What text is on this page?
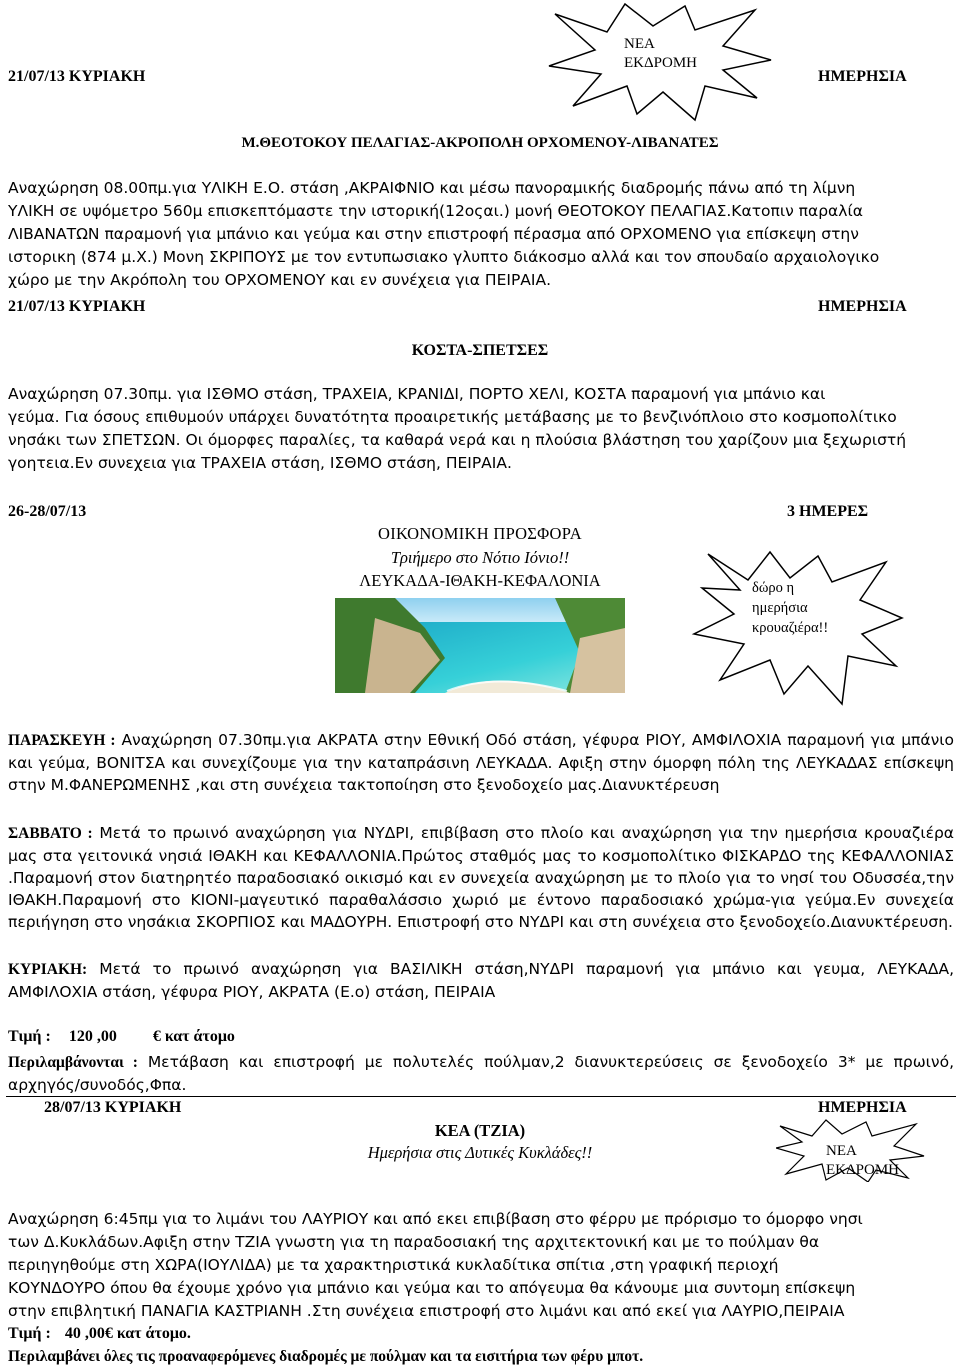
21/07/13 ΚΥΡΙΑΚΗ	ΗΜΕΡΗΣΙΑ
ΝΕΑ
ΕΚΔΡΟΜΗ
Μ.ΘΕΟΤΟΚΟΥ ΠΕΛΑΓΙΑΣ-ΑΚΡΟΠΟΛΗ ΟΡΧΟΜΕΝΟΥ-ΛΙΒΑΝΑΤΕΣ
Αναχώρηση 08.00πμ.για ΥΛΙΚΗ Ε.Ο. στάση ,ΑΚΡΑΙΦΝΙΟ και μέσω πανοραμικής διαδρομής πάνω από τη λίμνη
ΥΛΙΚΗ σε υψόμετρο 560μ επισκεπτόμαστε την ιστορική(12οςαι.) μονή ΘΕΟΤΟΚΟΥ ΠΕΛΑΓΙΑΣ.Κατοπιν παραλία
ΛΙΒΑΝΑΤΩΝ παραμονή για μπάνιο και γεύμα και στην επιστροφή πέρασμα από ΟΡΧΟΜΕΝΟ για επίσκεψη στην
ιστορικη (874 μ.Χ.) Μονη ΣΚΡΙΠΟΥΣ με τον εντυπωσιακο γλυπτο διάκοσμο αλλά και τον σπουδαίο αρχαιολογικο
χώρο με την Ακρόπολη του ΟΡΧΟΜΕΝΟΥ και εν συνέχεια για ΠΕΙΡΑΙΑ.
21/07/13 ΚΥΡΙΑΚΗ	ΗΜΕΡΗΣΙΑ
ΚΟΣΤΑ-ΣΠΕΤΣΕΣ
Αναχώρηση 07.30πμ. για ΙΣΘΜΟ στάση, ΤΡΑΧΕΙΑ, ΚΡΑΝΙΔΙ, ΠΟΡΤΟ ΧΕΛΙ, ΚΟΣΤΑ παραμονή για μπάνιο και
γεύμα. Για όσους επιθυμούν υπάρχει δυνατότητα προαιρετικής μετάβασης με το βενζινόπλοιο στο κοσμοπολίτικο
νησάκι των ΣΠΕΤΣΩΝ. Οι όμορφες παραλίες, τα καθαρά νερά και η πλούσια βλάστηση του χαρίζουν μια ξεχωριστή
γοητεια.Εν συνεχεια για ΤΡΑΧΕΙΑ στάση, ΙΣΘΜΟ στάση, ΠΕΙΡΑΙΑ.
26-28/07/13	3 ΗΜΕΡΕΣ
ΟΙΚΟΝΟΜΙΚΗ ΠΡΟΣΦΟΡΑ
Τριήμερο στο Νότιο Ιόνιο!!
ΛΕΥΚΑΔΑ-ΙΘΑΚΗ-ΚΕΦΑΛΟΝΙΑ	δώρο η
ημερήσια
κρουαζιέρα!!
ΠΑΡΑΣΚΕΥΗ : Αναχώρηση 07.30πμ.για ΑΚΡΑΤΑ στην Εθνική Οδό στάση, γέφυρα ΡΙΟΥ, ΑΜΦΙΛΟΧΙΑ παραμονή για μπάνιο και γεύμα, ΒΟΝΙΤΣΑ και συνεχίζουμε για την καταπράσινη ΛΕΥΚΑΔΑ. Αφιξη στην όμορφη πόλη της ΛΕΥΚΑΔΑΣ επίσκεψη στην Μ.ΦΑΝΕΡΩΜΕΝΗΣ ,και στη συνέχεια τακτοποίηση στο ξενοδοχείο μας.Διανυκτέρευση
ΣΑΒΒΑΤΟ : Μετά το πρωινό αναχώρηση για ΝΥΔΡΙ, επιβίβαση στο πλοίο και αναχώρηση για την ημερήσια κρουαζιέρα μας στα γειτονικά νησιά ΙΘΑΚΗ και ΚΕΦΑΛΛΟΝΙΑ.Πρώτος σταθμός μας το κοσμοπολίτικο ΦΙΣΚΑΡΔΟ της ΚΕΦΑΛΛΟΝΙΑΣ .Παραμονή στον διατηρητέο παραδοσιακό οικισμό και εν συνεχεία αναχώρηση με το πλοίο για το νησί του Οδυσσέα,την ΙΘΑΚΗ.Παραμονή στο ΚΙΟΝΙ-μαγευτικό παραθαλάσσιο χωριό με έντονο παραδοσιακό χρώμα-για γεύμα.Εν συνεχεία περιήγηση στο νησάκια ΣΚΟΡΠΙΟΣ και ΜΑΔΟΥΡΗ. Επιστροφή στο ΝΥΔΡΙ και στη συνέχεια στο ξενοδοχείο.Διανυκτέρευση.
ΚΥΡΙΑΚΗ: Μετά το πρωινό αναχώρηση για ΒΑΣΙΛΙΚΗ στάση,ΝΥΔΡΙ παραμονή για μπάνιο και γευμα, ΛΕΥΚΑΔΑ, ΑΜΦΙΛΟΧΙΑ στάση, γέφυρα ΡΙΟΥ, ΑΚΡΑΤΑ (Ε.ο) στάση, ΠΕΙΡΑΙΑ
Τιμή : 120 ,00 € κατ άτομο
Περιλαμβάνονται : Μετάβαση και επιστροφή με πολυτελές πούλμαν,2 διανυκτερεύσεις σε ξενοδοχείο 3* με πρωινό, αρχηγός/συνοδός,Φπα.
28/07/13 ΚΥΡΙΑΚΗ	ΗΜΕΡΗΣΙΑ
ΚΕΑ (ΤΖΙΑ)
Ημερήσια στις Δυτικές Κυκλάδες!!	ΝΕΑ
ΕΚΔΡΟΜΗ
Αναχώρηση 6:45πμ για το λιμάνι του ΛΑΥΡΙΟΥ και από εκει επιβίβαση στο φέρρυ με πρόρισμο το όμορφο νησι
των Δ.Κυκλάδων.Αφιξη στην ΤΖΙΑ γνωστη για τη παραδοσιακή της αρχιτεκτονική και με το πούλμαν θα
περιηγηθούμε στη ΧΩΡΑ(ΙΟΥΛΙΔΑ) με τα χαρακτηριστικά κυκλαδίτικα σπίτια ,στη γραφική περιοχή
ΚΟΥΝΔΟΥΡΟ όπου θα έχουμε χρόνο για μπάνιο και γεύμα και το απόγευμα θα κάνουμε μια συντομη επίσκεψη
στην επιβλητική ΠΑΝΑΓΙΑ ΚΑΣΤΡΙΑΝΗ .Στη συνέχεια επιστροφή στο λιμάνι και από εκεί για ΛΑΥΡΙΟ,ΠΕΙΡΑΙΑ
Τιμή : 40 ,00€ κατ άτομο.
Περιλαμβάνει όλες τις προαναφερόμενες διαδρομές με πούλμαν και τα εισιτήρια των φέρυ μποτ.
